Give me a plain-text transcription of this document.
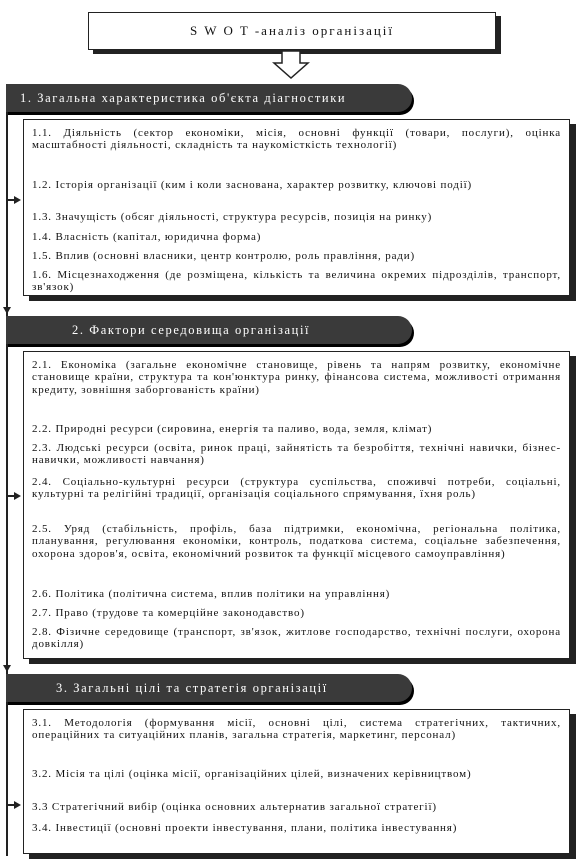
S W O T -аналіз організації
1. Загальна характеристика об'єкта діагностики
1.1. Діяльність (сектор економіки, місія, основні функції (товари, послуги), оцінка масштабності діяльності, складність та наукомісткість технології)
1.2. Історія організації (ким і коли заснована, характер розвитку, ключові події)
1.3. Значущість (обсяг діяльності, структура ресурсів, позиція на ринку)
1.4. Власність (капітал, юридична форма)
1.5. Вплив (основні власники, центр контролю, роль правління, ради)
1.6. Місцезнаходження (де розміщена, кількість та величина окремих підрозділів, транспорт, зв'язок)
2. Фактори середовища організації
2.1. Економіка (загальне економічне становище, рівень та напрям розвитку, економічне становище країни, структура та кон'юнктура ринку, фінансова система, можливості отримання кредиту, зовнішня заборгованість країни)
2.2. Природні ресурси (сировина, енергія та паливо, вода, земля, клімат)
2.3. Людські ресурси (освіта, ринок праці, зайнятість та безробіття, технічні навички, бізнес-навички, можливості навчання)
2.4. Соціально-культурні ресурси (структура суспільства, споживчі потреби, соціальні, культурні та релігійні традиції, організація соціального спрямування, їхня роль)
2.5. Уряд (стабільність, профіль, база підтримки, економічна, регіональна політика, планування, регулювання економіки, контроль, податкова система, соціальне забезпечення, охорона здоров'я, освіта, економічний розвиток та функції місцевого самоуправління)
2.6. Політика (політична система, вплив політики на управління)
2.7. Право (трудове та комерційне законодавство)
2.8. Фізичне середовище (транспорт, зв'язок, житлове господарство, технічні послуги, охорона довкілля)
3. Загальні цілі та стратегія організації
3.1. Методологія (формування місії, основні цілі, система стратегічних, тактичних, операційних та ситуаційних планів, загальна стратегія, маркетинг, персонал)
3.2. Місія та цілі (оцінка місії, організаційних цілей, визначених керівництвом)
3.3 Стратегічний вибір (оцінка основних альтернатив загальної стратегії)
3.4. Інвестиції (основні проекти інвестування, плани, політика інвестування)
